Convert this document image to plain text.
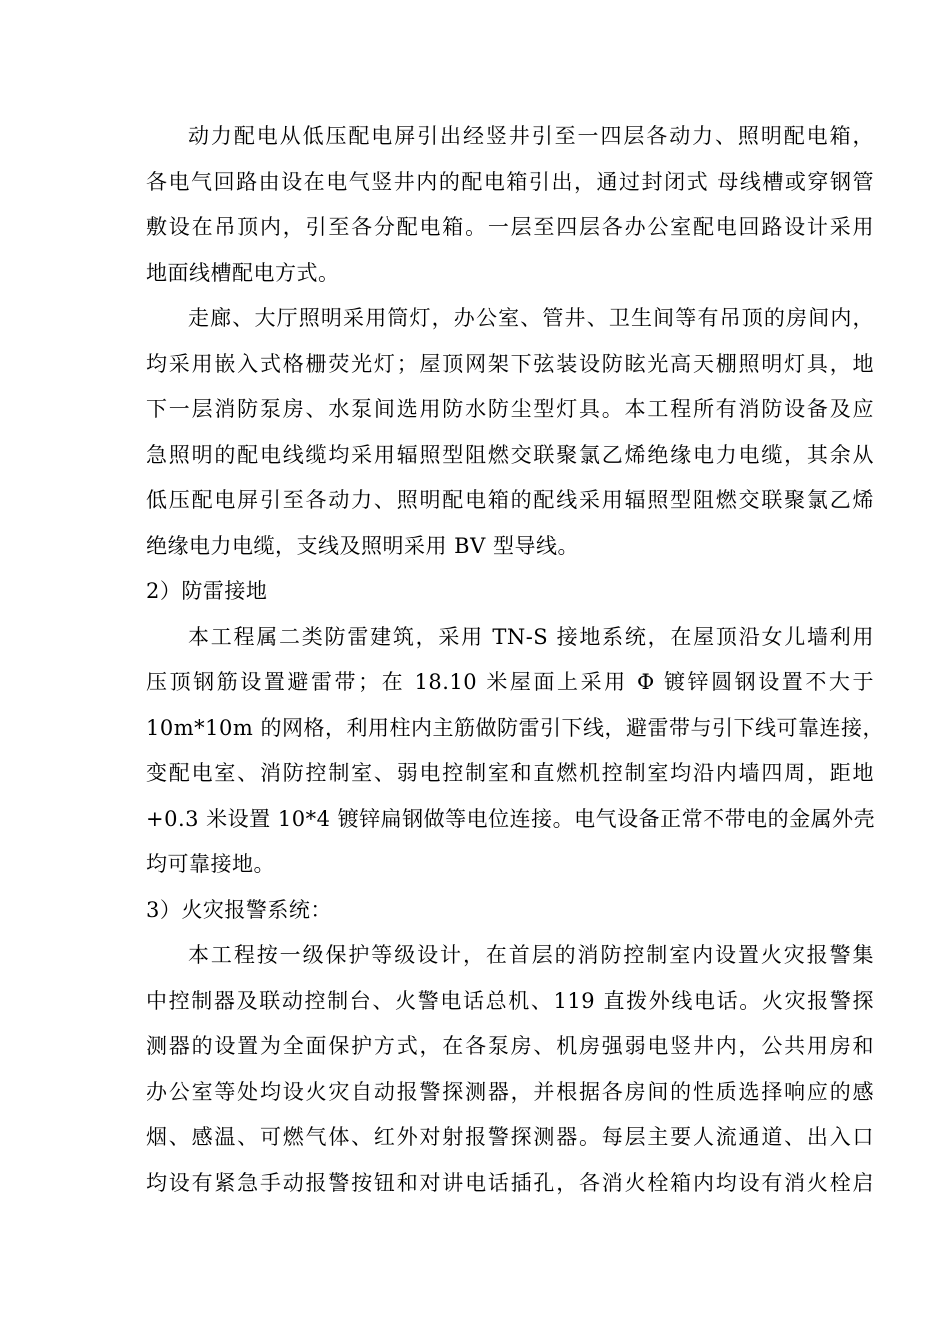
动力配电从低压配电屏引出经竖井引至一四层各动力、照明配电箱，
各电气回路由设在电气竖井内的配电箱引出，通过封闭式 母线槽或穿钢管
敷设在吊顶内，引至各分配电箱。一层至四层各办公室配电回路设计采用
地面线槽配电方式。
走廊、大厅照明采用筒灯，办公室、管井、卫生间等有吊顶的房间内，
均采用嵌入式格栅荧光灯；屋顶网架下弦装设防眩光高天棚照明灯具，地
下一层消防泵房、水泵间选用防水防尘型灯具。本工程所有消防设备及应
急照明的配电线缆均采用辐照型阻燃交联聚氯乙烯绝缘电力电缆，其余从
低压配电屏引至各动力、照明配电箱的配线采用辐照型阻燃交联聚氯乙烯
绝缘电力电缆，支线及照明采用 BV 型导线。
2）防雷接地
本工程属二类防雷建筑，采用 TN-S 接地系统，在屋顶沿女儿墙利用
压顶钢筋设置避雷带；在 18.10 米屋面上采用 Φ 镀锌圆钢设置不大于
10m*10m 的网格，利用柱内主筋做防雷引下线，避雷带与引下线可靠连接，
变配电室、消防控制室、弱电控制室和直燃机控制室均沿内墙四周，距地
+0.3 米设置 10*4 镀锌扁钢做等电位连接。电气设备正常不带电的金属外壳
均可靠接地。
3）火灾报警系统：
本工程按一级保护等级设计，在首层的消防控制室内设置火灾报警集
中控制器及联动控制台、火警电话总机、119 直拨外线电话。火灾报警探
测器的设置为全面保护方式，在各泵房、机房强弱电竖井内，公共用房和
办公室等处均设火灾自动报警探测器，并根据各房间的性质选择响应的感
烟、感温、可燃气体、红外对射报警探测器。每层主要人流通道、出入口
均设有紧急手动报警按钮和对讲电话插孔，各消火栓箱内均设有消火栓启
